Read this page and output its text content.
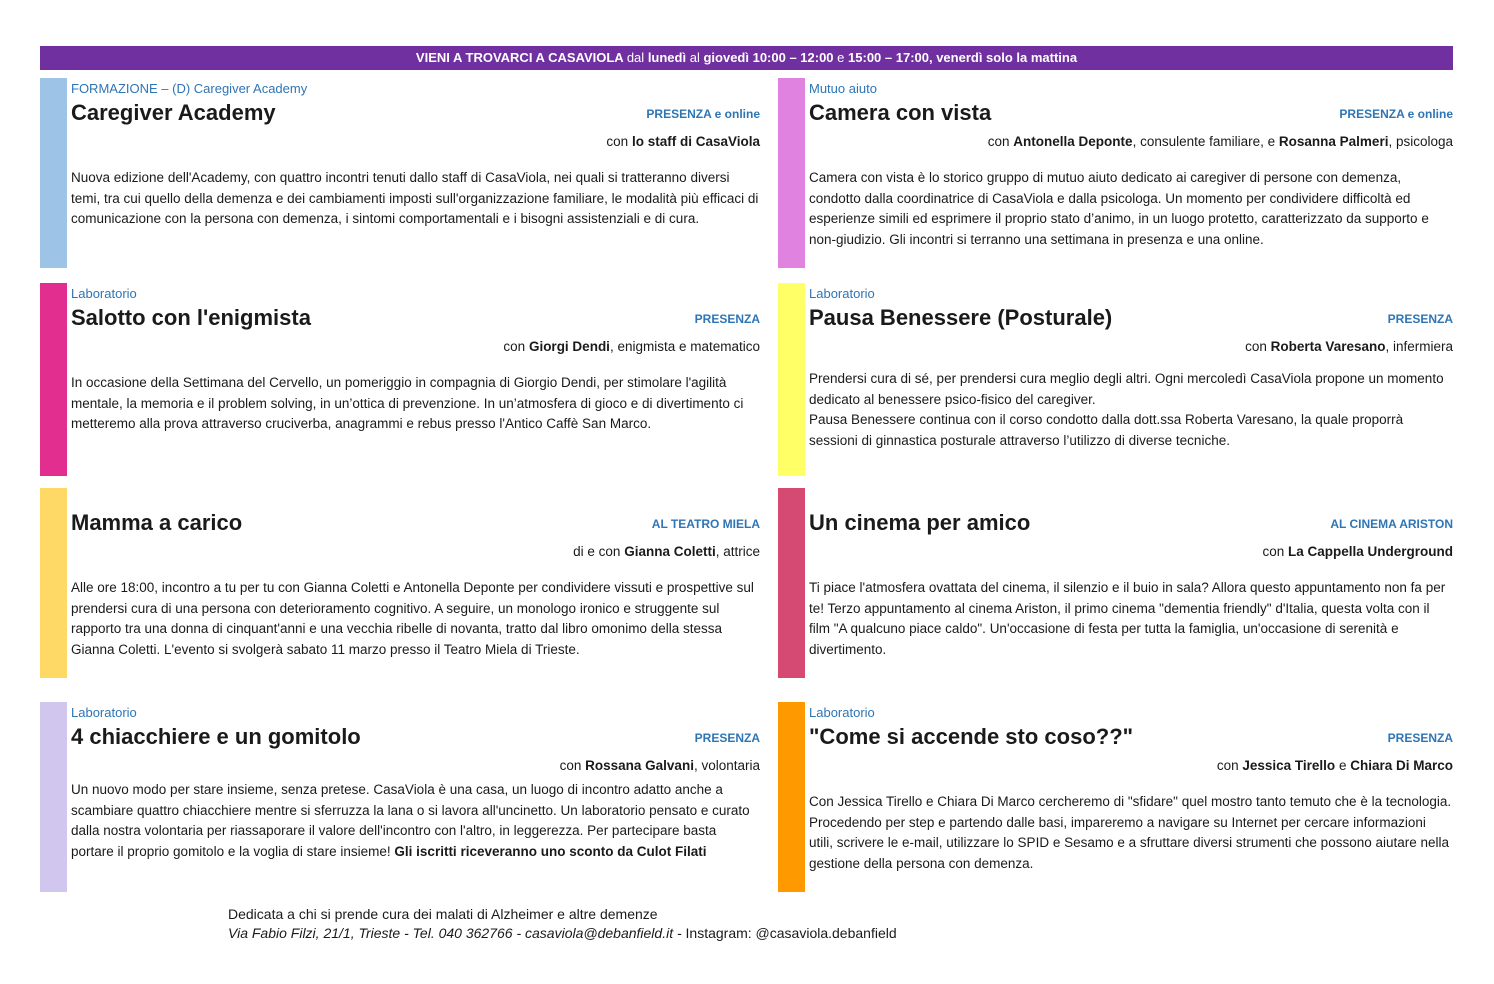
VIENI A TROVARCI A CASAVIOLA dal lunedì al giovedì 10:00 – 12:00 e 15:00 – 17:00, venerdì solo la mattina
FORMAZIONE – (D) Caregiver Academy
Caregiver Academy	PRESENZA e online
con lo staff di CasaViola

Nuova edizione dell'Academy, con quattro incontri tenuti dallo staff di CasaViola, nei quali si tratteranno diversi temi, tra cui quello della demenza e dei cambiamenti imposti sull'organizzazione familiare, le modalità più efficaci di comunicazione con la persona con demenza, i sintomi comportamentali e i bisogni assistenziali e di cura.

Mutuo aiuto
Camera con vista	PRESENZA e online
con Antonella Deponte, consulente familiare, e Rosanna Palmeri, psicologa

Camera con vista è lo storico gruppo di mutuo aiuto dedicato ai caregiver di persone con demenza, condotto dalla coordinatrice di CasaViola e dalla psicologa. Un momento per condividere difficoltà ed esperienze simili ed esprimere il proprio stato d’animo, in un luogo protetto, caratterizzato da supporto e non-giudizio. Gli incontri si terranno una settimana in presenza e una online.

Laboratorio
Salotto con l'enigmista	PRESENZA
con Giorgi Dendi, enigmista e matematico

In occasione della Settimana del Cervello, un pomeriggio in compagnia di Giorgio Dendi, per stimolare l'agilità mentale, la memoria e il problem solving, in un’ottica di prevenzione. In un’atmosfera di gioco e di divertimento ci metteremo alla prova attraverso cruciverba, anagrammi e rebus presso l'Antico Caffè San Marco.

Laboratorio
Pausa Benessere (Posturale)	PRESENZA
con Roberta Varesano, infermiera

Prendersi cura di sé, per prendersi cura meglio degli altri. Ogni mercoledì CasaViola propone un momento dedicato al benessere psico-fisico del caregiver.

Pausa Benessere continua con il corso condotto dalla dott.ssa Roberta Varesano, la quale proporrà sessioni di ginnastica posturale attraverso l’utilizzo di diverse tecniche.

Mamma a carico	AL TEATRO MIELA
di e con Gianna Coletti, attrice

Alle ore 18:00, incontro a tu per tu con Gianna Coletti e Antonella Deponte per condividere vissuti e prospettive sul prendersi cura di una persona con deterioramento cognitivo. A seguire, un monologo ironico e struggente sul rapporto tra una donna di cinquant'anni e una vecchia ribelle di novanta, tratto dal libro omonimo della stessa Gianna Coletti. L'evento si svolgerà sabato 11 marzo presso il Teatro Miela di Trieste.

Un cinema per amico	AL CINEMA ARISTON
con La Cappella Underground

Ti piace l'atmosfera ovattata del cinema, il silenzio e il buio in sala? Allora questo appuntamento non fa per te! Terzo appuntamento al cinema Ariston, il primo cinema "dementia friendly" d'Italia, questa volta con il film "A qualcuno piace caldo". Un'occasione di festa per tutta la famiglia, un'occasione di serenità e divertimento.

Laboratorio
4 chiacchiere e un gomitolo	PRESENZA
con Rossana Galvani, volontaria

Un nuovo modo per stare insieme, senza pretese. CasaViola è una casa, un luogo di incontro adatto anche a scambiare quattro chiacchiere mentre si sferruzza la lana o si lavora all'uncinetto. Un laboratorio pensato e curato dalla nostra volontaria per riassaporare il valore dell'incontro con l'altro, in leggerezza. Per partecipare basta portare il proprio gomitolo e la voglia di stare insieme! Gli iscritti riceveranno uno sconto da Culot Filati

Laboratorio
"Come si accende sto coso??"	PRESENZA
con Jessica Tirello e Chiara Di Marco

Con Jessica Tirello e Chiara Di Marco cercheremo di "sfidare" quel mostro tanto temuto che è la tecnologia. Procedendo per step e partendo dalle basi, impareremo a navigare su Internet per cercare informazioni utili, scrivere le e-mail, utilizzare lo SPID e Sesamo e a sfruttare diversi strumenti che possono aiutare nella gestione della persona con demenza.

Dedicata a chi si prende cura dei malati di Alzheimer e altre demenze
Via Fabio Filzi, 21/1, Trieste - Tel. 040 362766 - casaviola@debanfield.it - Instagram: @casaviola.debanfield
